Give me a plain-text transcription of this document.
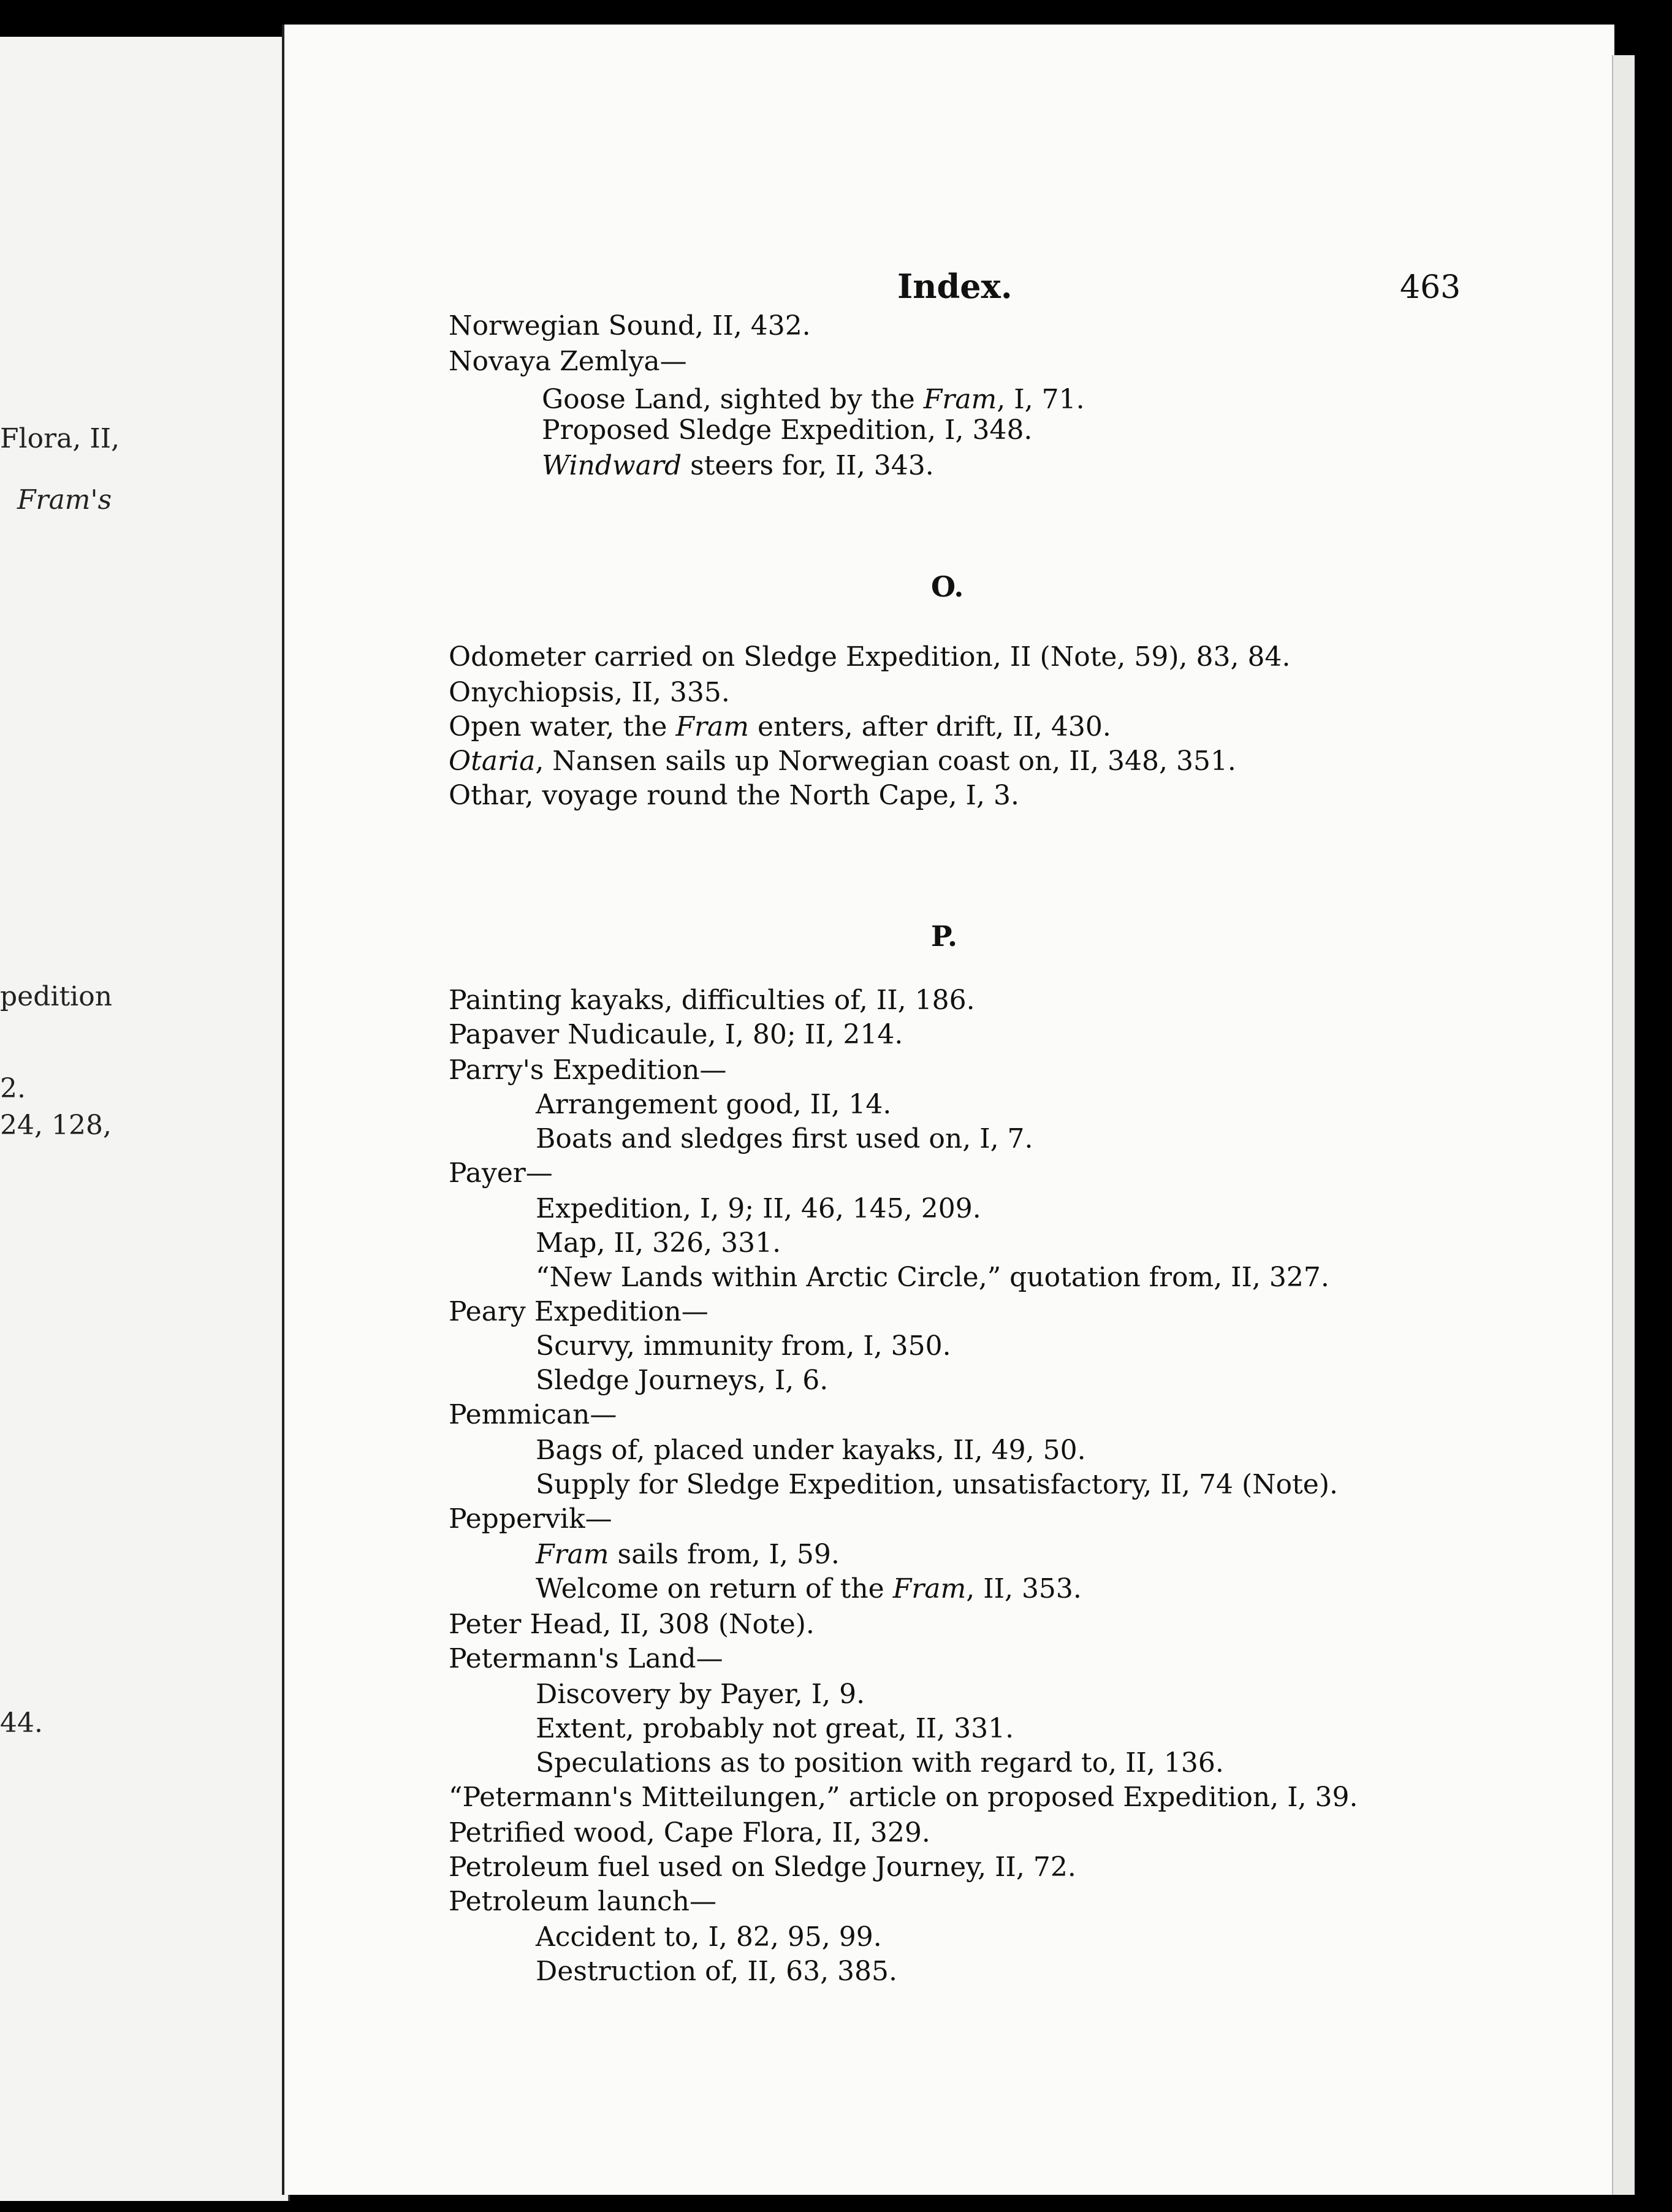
Flora, II,
Fram's
pedition
2.
24, 128,
44.
Index.	463
Norwegian Sound, II, 432.
Novaya Zemlya—
Goose Land, sighted by the Fram, I, 71.
Proposed Sledge Expedition, I, 348.
Windward steers for, II, 343.
O.
Odometer carried on Sledge Expedition, II (Note, 59), 83, 84.
Onychiopsis, II, 335.
Open water, the Fram enters, after drift, II, 430.
Otaria, Nansen sails up Norwegian coast on, II, 348, 351.
Othar, voyage round the North Cape, I, 3.
P.
Painting kayaks, difficulties of, II, 186.
Papaver Nudicaule, I, 80; II, 214.
Parry's Expedition—
Arrangement good, II, 14.
Boats and sledges first used on, I, 7.
Payer—
Expedition, I, 9; II, 46, 145, 209.
Map, II, 326, 331.
“New Lands within Arctic Circle,” quotation from, II, 327.
Peary Expedition—
Scurvy, immunity from, I, 350.
Sledge Journeys, I, 6.
Pemmican—
Bags of, placed under kayaks, II, 49, 50.
Supply for Sledge Expedition, unsatisfactory, II, 74 (Note).
Peppervik—
Fram sails from, I, 59.
Welcome on return of the Fram, II, 353.
Peter Head, II, 308 (Note).
Petermann's Land—
Discovery by Payer, I, 9.
Extent, probably not great, II, 331.
Speculations as to position with regard to, II, 136.
“Petermann's Mitteilungen,” article on proposed Expedition, I, 39.
Petrified wood, Cape Flora, II, 329.
Petroleum fuel used on Sledge Journey, II, 72.
Petroleum launch—
Accident to, I, 82, 95, 99.
Destruction of, II, 63, 385.
